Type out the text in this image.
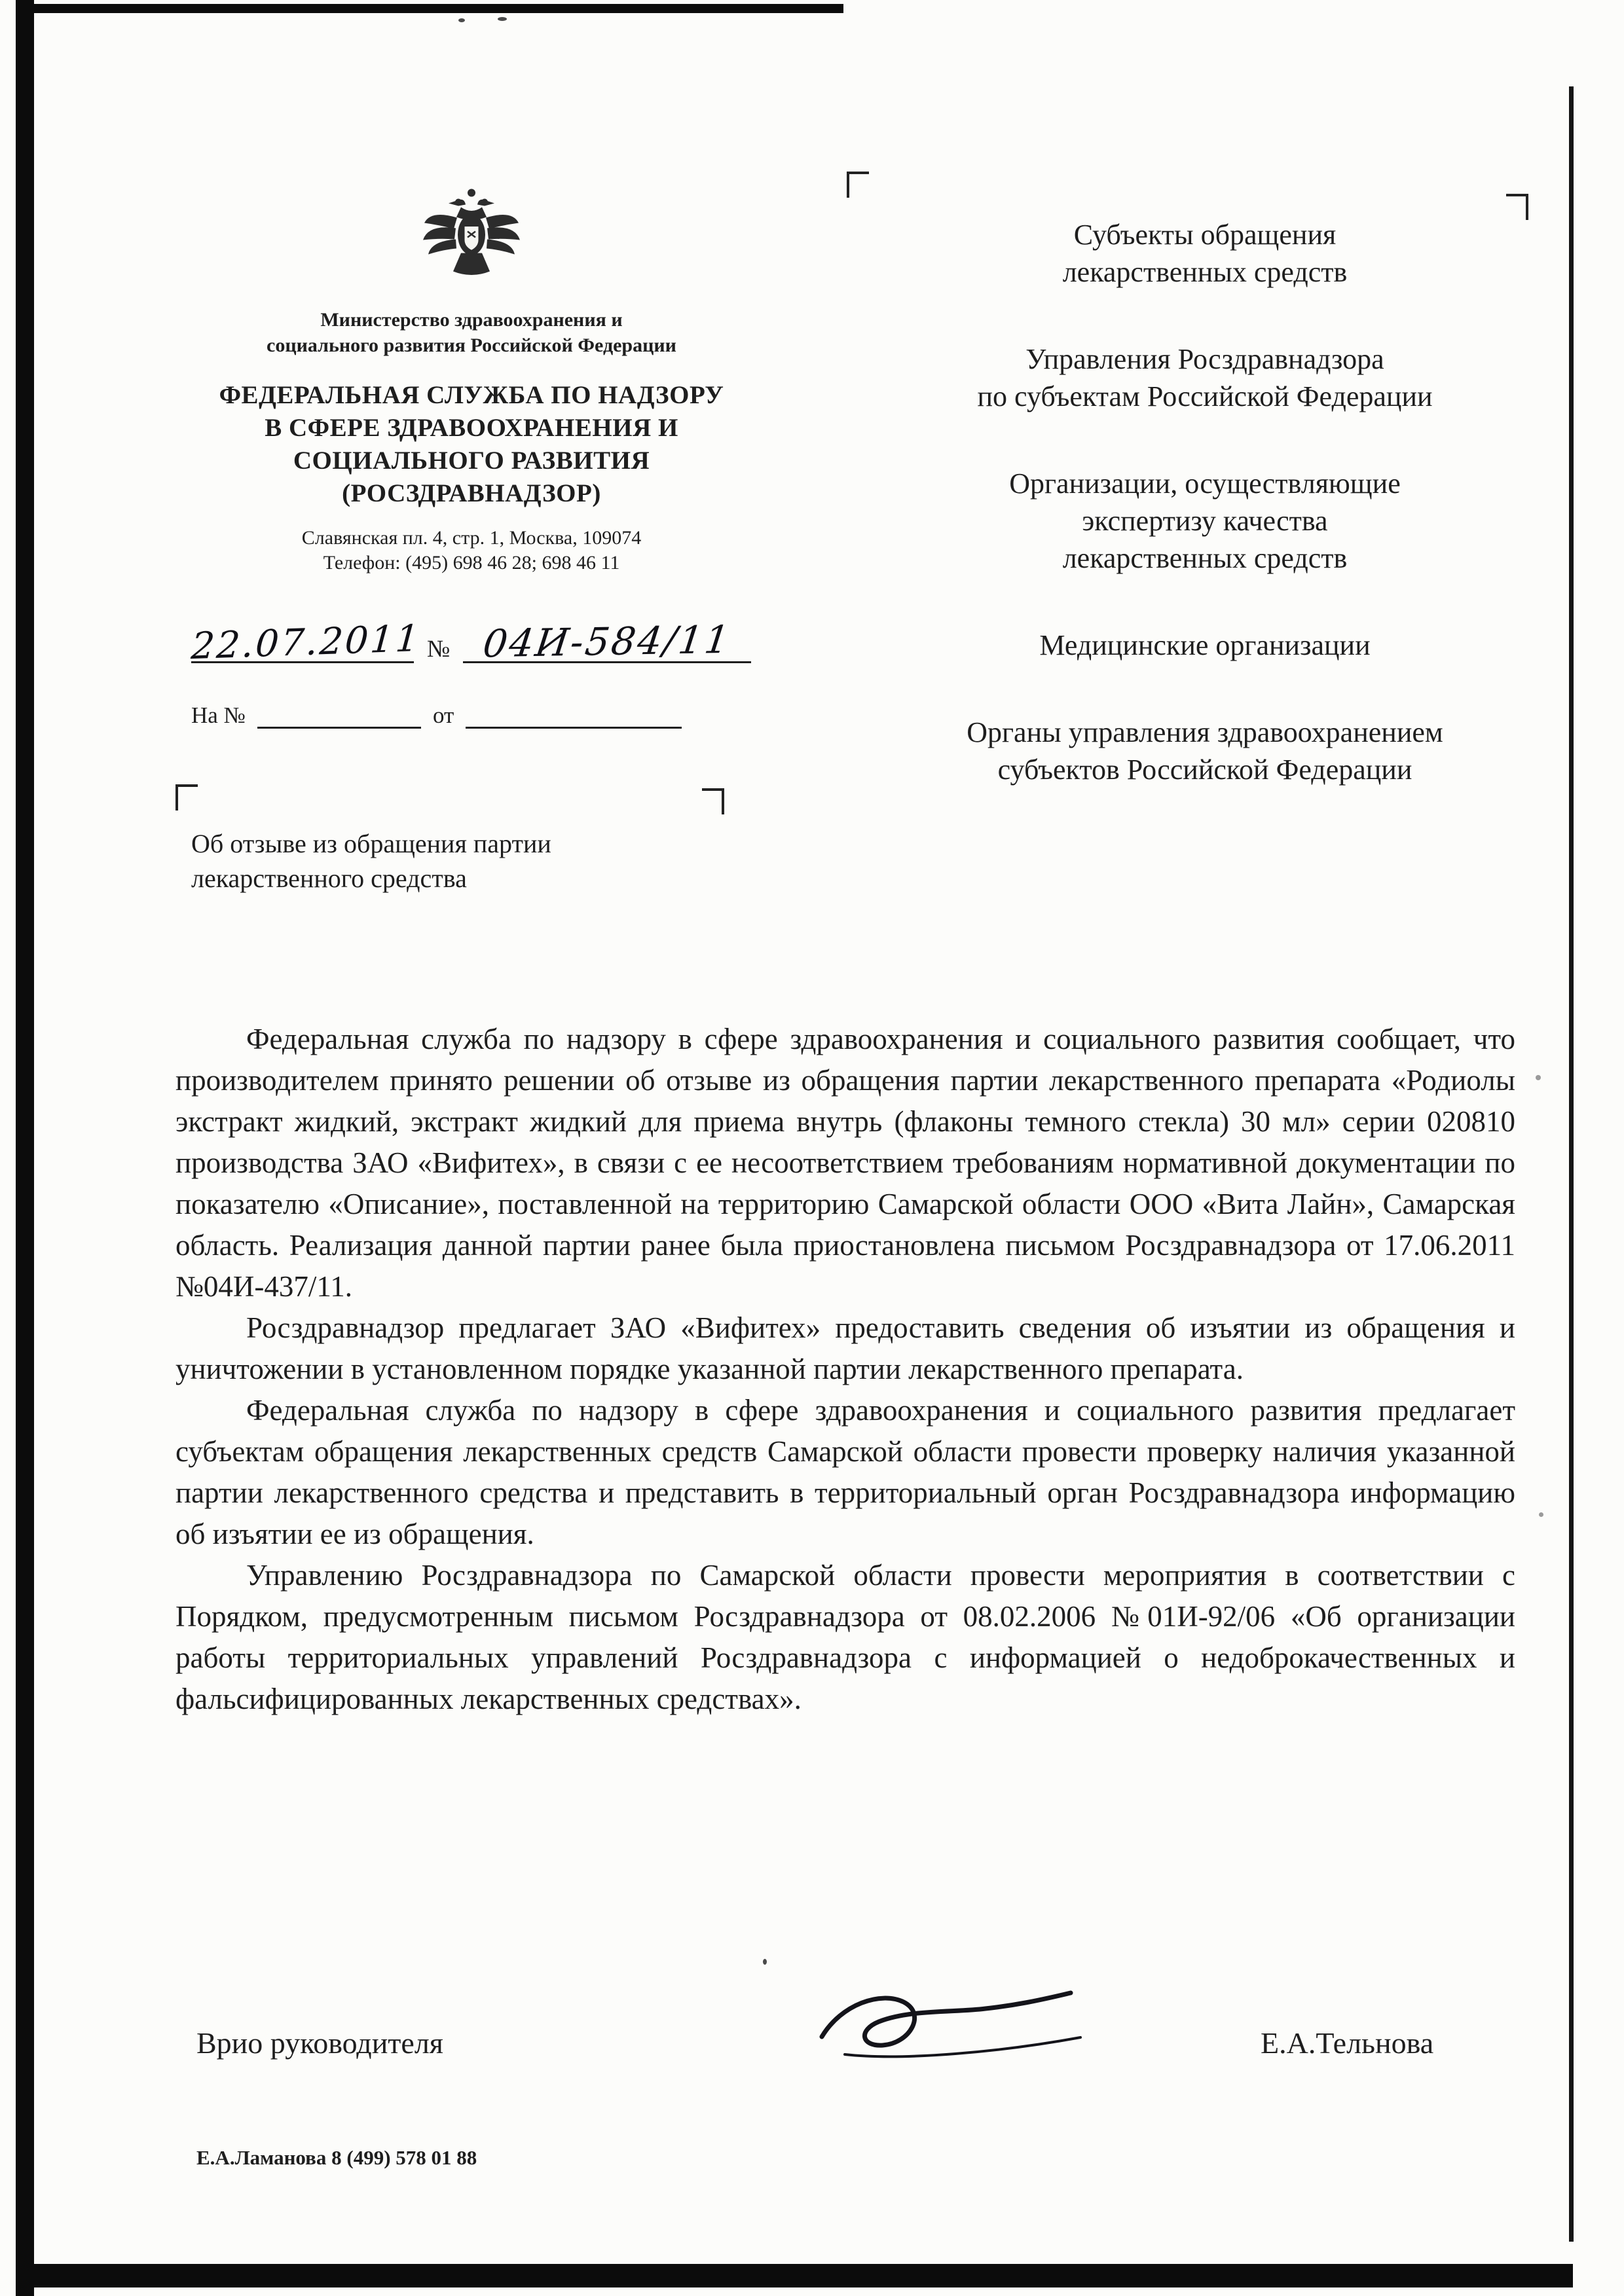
Министерство здравоохранения и
социального развития Российской Федерации
ФЕДЕРАЛЬНАЯ СЛУЖБА ПО НАДЗОРУ
В СФЕРЕ ЗДРАВООХРАНЕНИЯ И
СОЦИАЛЬНОГО РАЗВИТИЯ
(РОСЗДРАВНАДЗОР)
Славянская пл. 4, стр. 1, Москва, 109074
Телефон: (495) 698 46 28; 698 46 11
22.07.2011 № 04И-584/11
На №	от
Об отзыве из обращения партии
лекарственного средства
Субъекты обращения
лекарственных средств
Управления Росздравнадзора
по субъектам Российской Федерации
Организации, осуществляющие
экспертизу качества
лекарственных средств
Медицинские организации
Органы управления здравоохранением
субъектов Российской Федерации

Федеральная служба по надзору в сфере здравоохранения и социального развития сообщает, что производителем принято решении об отзыве из обращения партии лекарственного препарата «Родиолы экстракт жидкий, экстракт жидкий для приема внутрь (флаконы темного стекла) 30 мл» серии 020810 производства ЗАО «Вифитех», в связи с ее несоответствием требованиям нормативной документации по показателю «Описание», поставленной на территорию Самарской области ООО «Вита Лайн», Самарская область. Реализация данной партии ранее была приостановлена письмом Росздравнадзора от 17.06.2011 №04И-437/11.

Росздравнадзор предлагает ЗАО «Вифитех» предоставить сведения об изъятии из обращения и уничтожении в установленном порядке указанной партии лекарственного препарата.

Федеральная служба по надзору в сфере здравоохранения и социального развития предлагает субъектам обращения лекарственных средств Самарской области провести проверку наличия указанной партии лекарственного средства и представить в территориальный орган Росздравнадзора информацию об изъятии ее из обращения.

Управлению Росздравнадзора по Самарской области провести мероприятия в соответствии с Порядком, предусмотренным письмом Росздравнадзора от 08.02.2006 №01И-92/06 «Об организации работы территориальных управлений Росздравнадзора с информацией о недоброкачественных и фальсифицированных лекарственных средствах».

Врио руководителя	Е.А.Тельнова
Е.А.Ламанова 8 (499) 578 01 88
